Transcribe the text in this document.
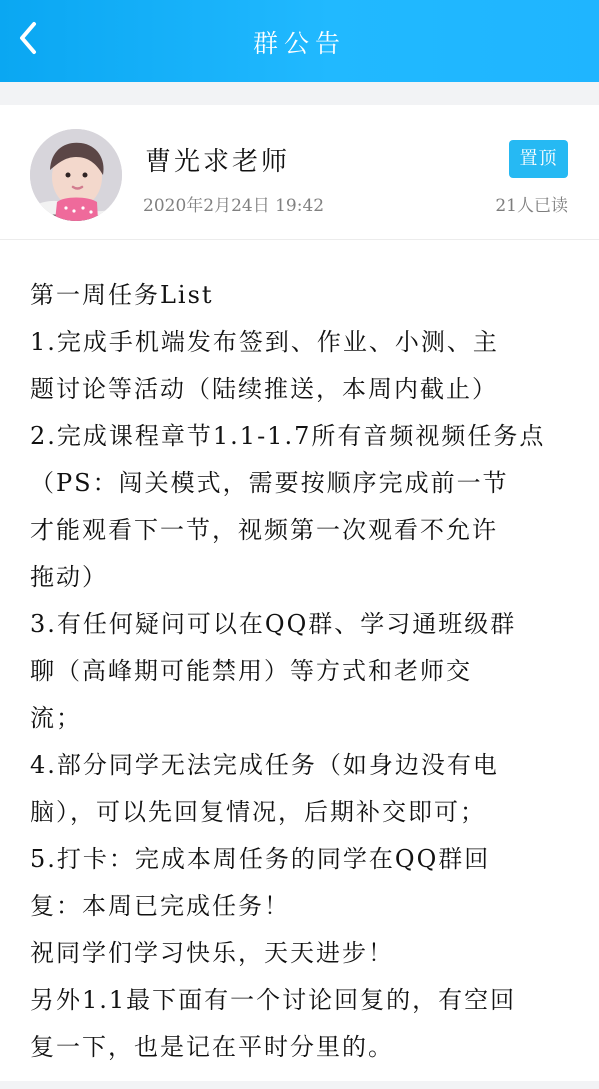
群公告
曹光求老师
2020年2月24日 19:42
置顶
21人已读
第一周任务List
1.完成手机端发布签到、作业、小测、主
题讨论等活动（陆续推送，本周内截止）
2.完成课程章节1.1-1.7所有音频视频任务点
（PS：闯关模式，需要按顺序完成前一节
才能观看下一节，视频第一次观看不允许
拖动）
3.有任何疑问可以在QQ群、学习通班级群
聊（高峰期可能禁用）等方式和老师交
流；
4.部分同学无法完成任务（如身边没有电
脑），可以先回复情况，后期补交即可；
5.打卡：完成本周任务的同学在QQ群回
复：本周已完成任务！
祝同学们学习快乐，天天进步！
另外1.1最下面有一个讨论回复的，有空回
复一下，也是记在平时分里的。
